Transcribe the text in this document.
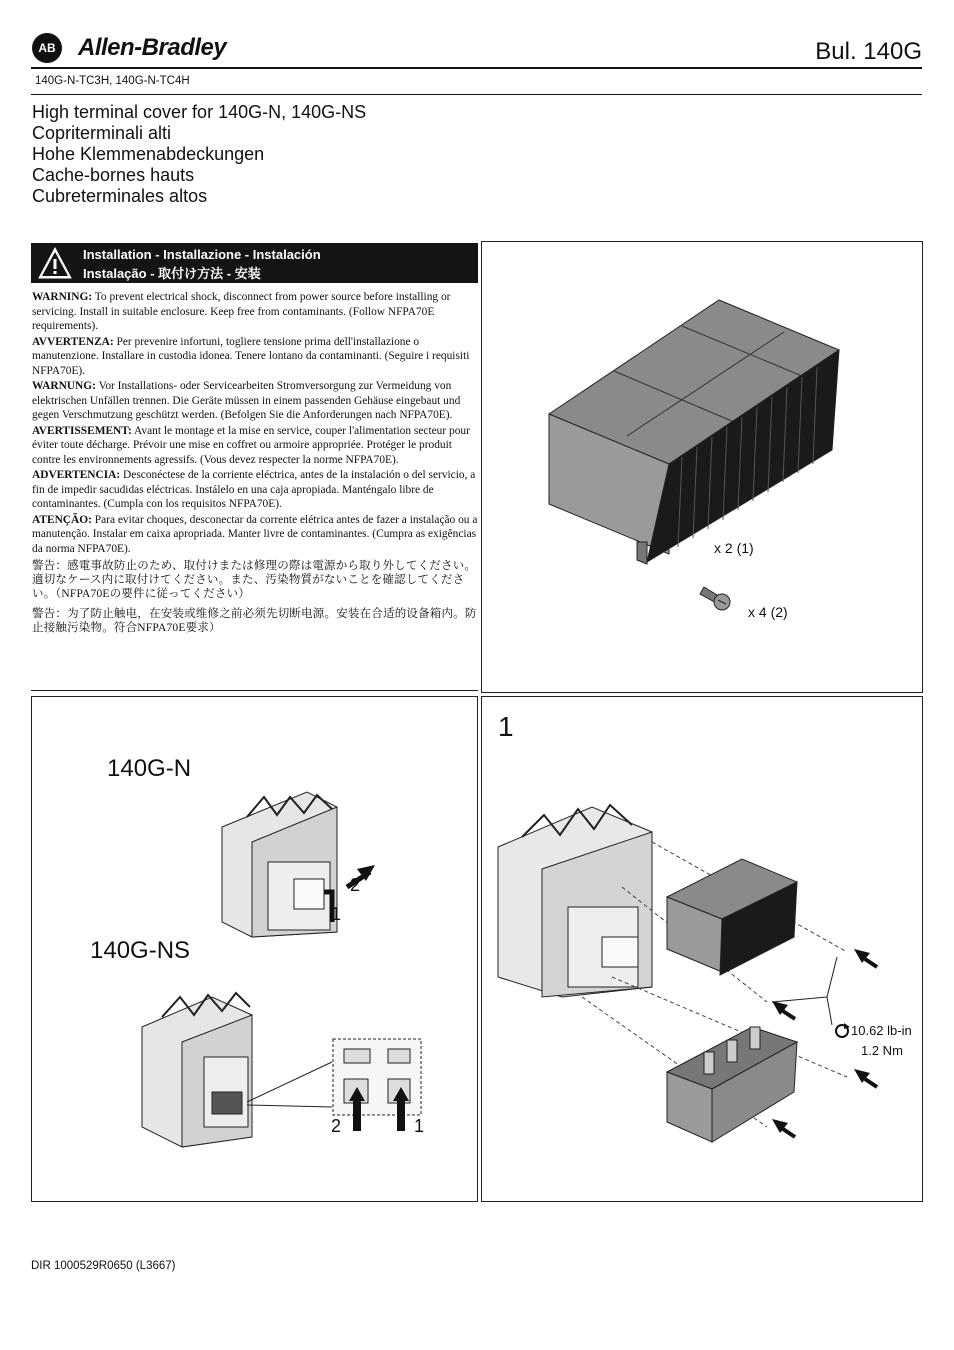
AB Allen-Bradley	Bul. 140G
140G-N-TC3H, 140G-N-TC4H
High terminal cover for 140G-N, 140G-NS
Copriterminali alti
Hohe Klemmenabdeckungen
Cache-bornes hauts
Cubreterminales altos
Installation - Installazione - Instalación
Instalação - 取付け方法 - 安装

WARNING: To prevent electrical shock, disconnect from power source before installing or servicing. Install in suitable enclosure. Keep free from contaminants. (Follow NFPA70E requirements).

AVVERTENZA: Per prevenire infortuni, togliere tensione prima dell'installazione o manutenzione. Installare in custodia idonea. Tenere lontano da contaminanti. (Seguire i requisiti NFPA70E).

WARNUNG: Vor Installations- oder Servicearbeiten Stromversorgung zur Vermeidung von elektrischen Unfällen trennen. Die Geräte müssen in einem passenden Gehäuse eingebaut und gegen Verschmutzung geschützt werden. (Befolgen Sie die Anforderungen nach NFPA70E).

AVERTISSEMENT: Avant le montage et la mise en service, couper l'alimentation secteur pour éviter toute décharge. Prévoir une mise en coffret ou armoire appropriée. Protéger le produit contre les environnements agressifs. (Vous devez respecter la norme NFPA70E).

ADVERTENCIA: Desconéctese de la corriente eléctrica, antes de la instalación o del servicio, a fin de impedir sacudidas eléctricas. Instálelo en una caja apropiada. Manténgalo libre de contaminantes. (Cumpla con los requisitos NFPA70E).

ATENÇÃO: Para evitar choques, desconectar da corrente elétrica antes de fazer a instalação ou a manutenção. Instalar em caixa apropriada. Manter livre de contaminantes. (Cumpra as exigências da norma NFPA70E).

警告：感電事故防止のため、取付けまたは修理の際は電源から取り外してください。適切なケース内に取付けてください。また、汚染物質がないことを確認してください。（NFPA70Eの要件に従ってください）

警告：为了防止触电，在安装或维修之前必须先切断电源。安装在合适的设备箱内。防止接触污染物。符合NFPA70E要求）

x 2 (1)
x 4 (2)
140G-N
140G-NS
2
1
2	1
1
10.62 lb-in
1.2 Nm
DIR 1000529R0650 (L3667)
